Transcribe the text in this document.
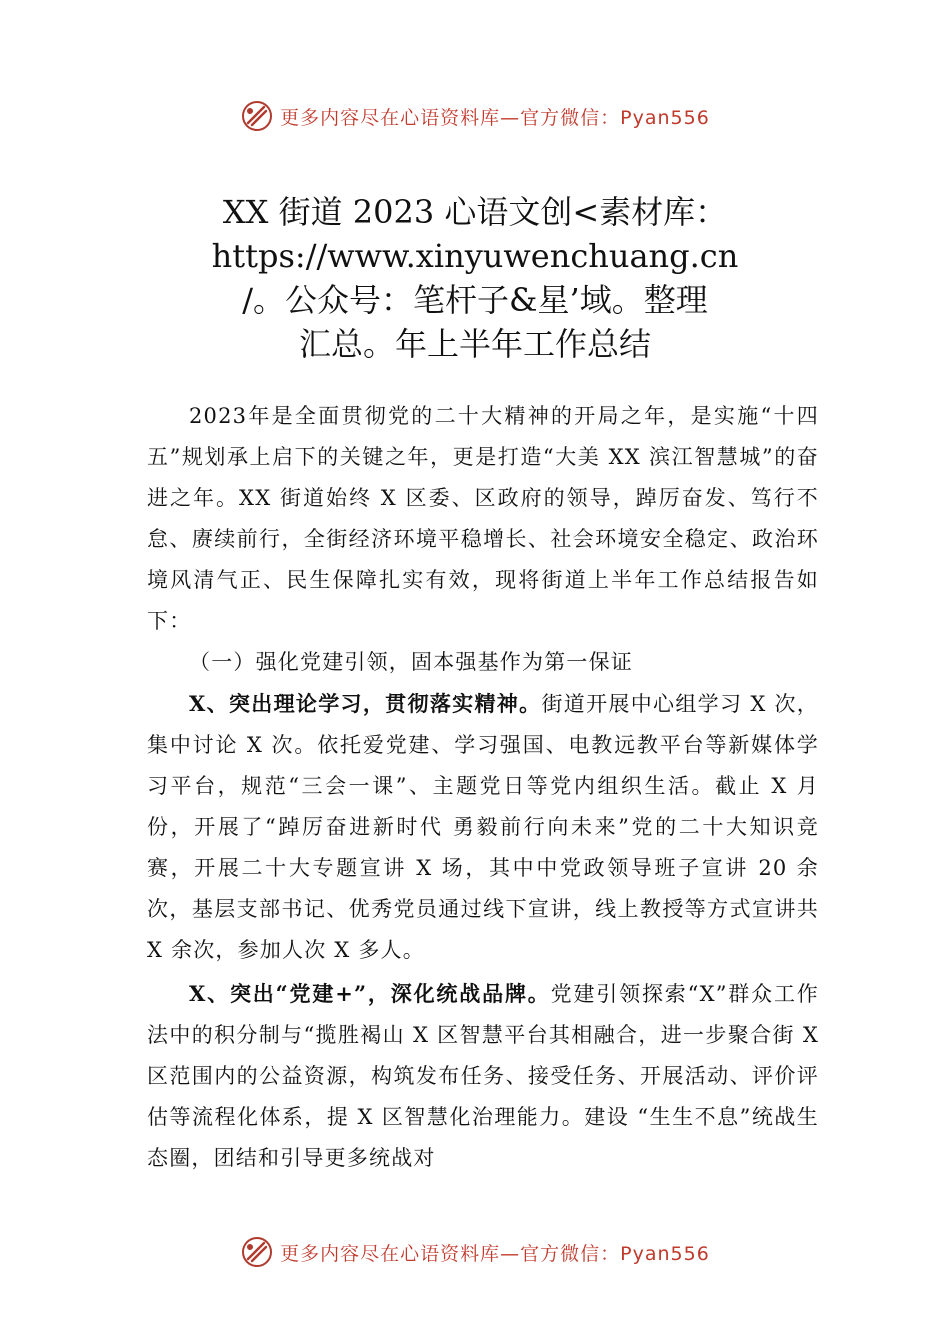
更多内容尽在心语资料库—官方微信：Pyan556
XX 街道 2023 心语文创<素材库：
https://www.xinyuwenchuang.cn
/。公众号：笔杆子&星’域。整理
汇总。年上半年工作总结

2023年是全面贯彻党的二十大精神的开局之年，是实施“十四五”规划承上启下的关键之年，更是打造“大美 XX 滨江智慧城”的奋进之年。XX 街道始终 X 区委、区政府的领导，踔厉奋发、笃行不怠、赓续前行，全街经济环境平稳增长、社会环境安全稳定、政治环境风清气正、民生保障扎实有效，现将街道上半年工作总结报告如下：

（一）强化党建引领，固本强基作为第一保证

X、突出理论学习，贯彻落实精神。街道开展中心组学习 X 次，集中讨论 X 次。依托爱党建、学习强国、电教远教平台等新媒体学习平台，规范“三会一课”、主题党日等党内组织生活。截止 X 月份，开展了“踔厉奋进新时代 勇毅前行向未来”党的二十大知识竞赛，开展二十大专题宣讲 X 场，其中中党政领导班子宣讲 20 余次，基层支部书记、优秀党员通过线下宣讲，线上教授等方式宣讲共 X 余次，参加人次 X 多人。

X、突出“党建+”，深化统战品牌。党建引领探索“X”群众工作法中的积分制与“揽胜褐山 X 区智慧平台其相融合，进一步聚合街 X 区范围内的公益资源，构筑发布任务、接受任务、开展活动、评价评估等流程化体系，提 X 区智慧化治理能力。建设 “生生不息”统战生态圈，团结和引导更多统战对

更多内容尽在心语资料库—官方微信：Pyan556
